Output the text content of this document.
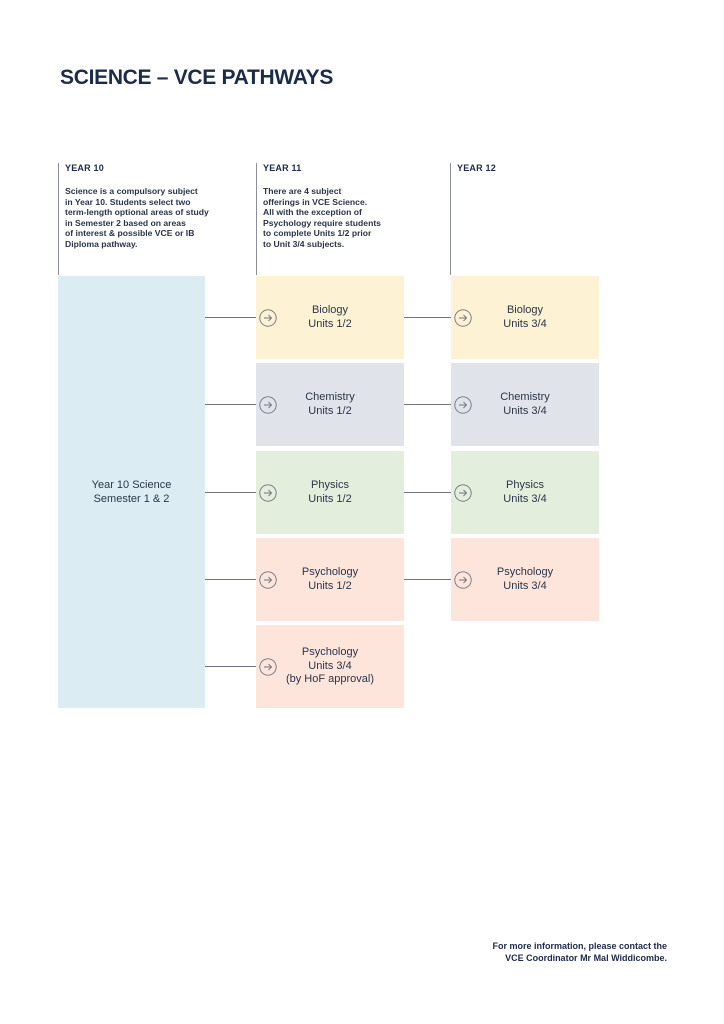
SCIENCE – VCE PATHWAYS

YEAR 10

Science is a compulsory subject
in Year 10. Students select two
term-length optional areas of study
in Semester 2 based on areas
of interest & possible VCE or IB
Diploma pathway.

YEAR 11

There are 4 subject
offerings in VCE Science.
All with the exception of
Psychology require students
to complete Units 1/2 prior
to Unit 3/4 subjects.

YEAR 12

Year 10 Science
Semester 1 & 2
Biology
Units 1/2
Chemistry
Units 1/2
Physics
Units 1/2
Psychology
Units 1/2
Psychology
Units 3/4
(by HoF approval)
Biology
Units 3/4
Chemistry
Units 3/4
Physics
Units 3/4
Psychology
Units 3/4

For more information, please contact the

VCE Coordinator Mr Mal Widdicombe.
